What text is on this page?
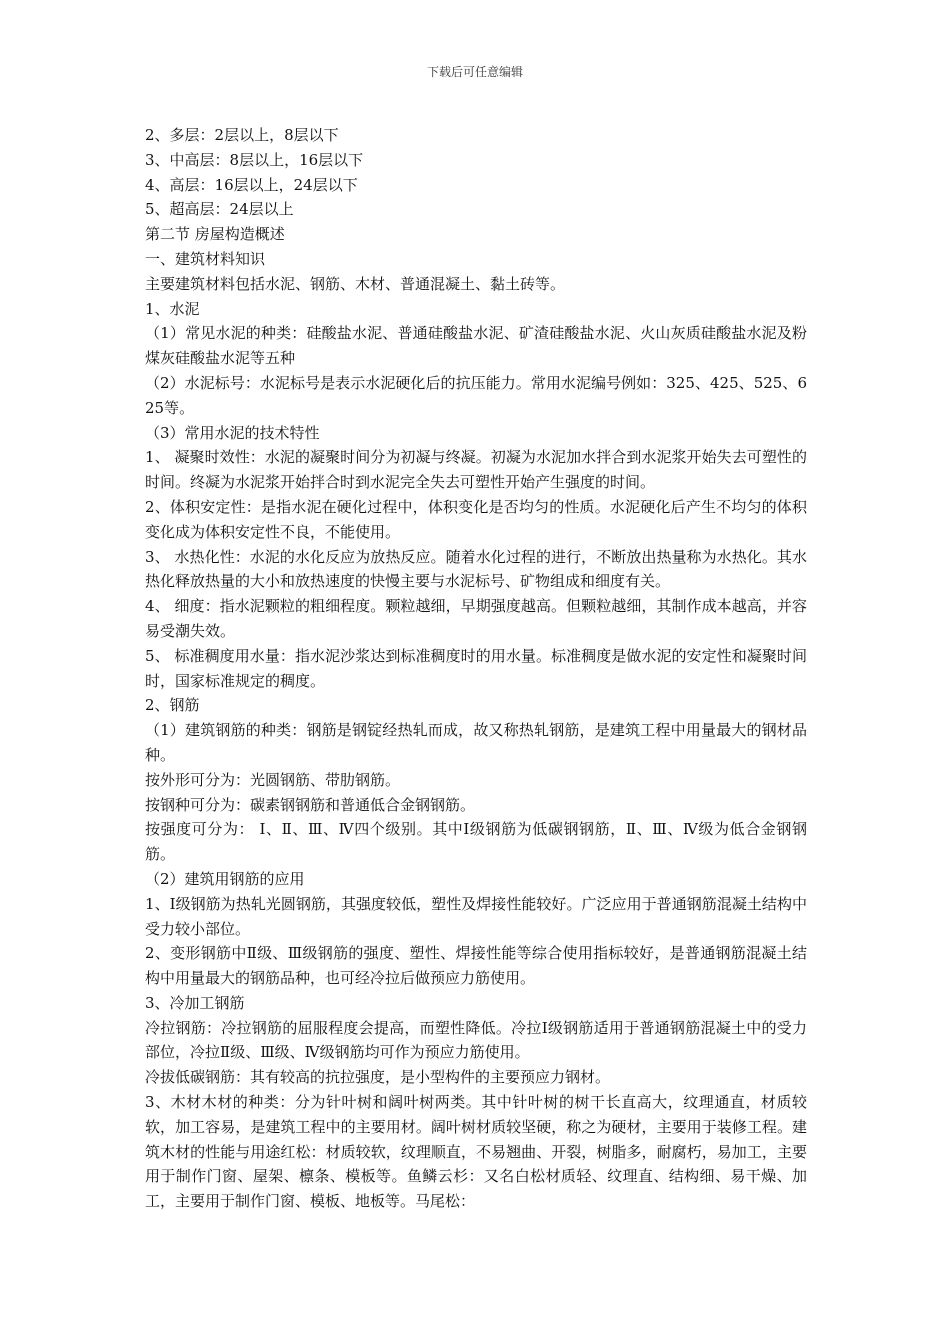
下载后可任意编辑

2、多层：2层以上，8层以下

3、中高层：8层以上，16层以下

4、高层：16层以上，24层以下

5、超高层：24层以上

第二节 房屋构造概述

一、建筑材料知识

主要建筑材料包括水泥、钢筋、木材、普通混凝土、黏土砖等。

1、水泥

（1）常见水泥的种类：硅酸盐水泥、普通硅酸盐水泥、矿渣硅酸盐水泥、火山灰质硅酸盐水泥及粉煤灰硅酸盐水泥等五种

（2）水泥标号：水泥标号是表示水泥硬化后的抗压能力。常用水泥编号例如：325、425、525、625等。

（3）常用水泥的技术特性

1、 凝聚时效性：水泥的凝聚时间分为初凝与终凝。初凝为水泥加水拌合到水泥浆开始失去可塑性的时间。终凝为水泥浆开始拌合时到水泥完全失去可塑性开始产生强度的时间。

2、体积安定性：是指水泥在硬化过程中，体积变化是否均匀的性质。水泥硬化后产生不均匀的体积变化成为体积安定性不良，不能使用。

3、 水热化性：水泥的水化反应为放热反应。随着水化过程的进行，不断放出热量称为水热化。其水热化释放热量的大小和放热速度的快慢主要与水泥标号、矿物组成和细度有关。

4、 细度：指水泥颗粒的粗细程度。颗粒越细，早期强度越高。但颗粒越细，其制作成本越高，并容易受潮失效。

5、 标准稠度用水量：指水泥沙浆达到标准稠度时的用水量。标准稠度是做水泥的安定性和凝聚时间时，国家标准规定的稠度。

2、钢筋

（1）建筑钢筋的种类：钢筋是钢锭经热轧而成，故又称热轧钢筋，是建筑工程中用量最大的钢材品种。

按外形可分为：光圆钢筋、带肋钢筋。

按钢种可分为：碳素钢钢筋和普通低合金钢钢筋。

按强度可分为： Ⅰ、Ⅱ、Ⅲ、Ⅳ四个级别。其中Ⅰ级钢筋为低碳钢钢筋，Ⅱ、Ⅲ、Ⅳ级为低合金钢钢筋。

（2）建筑用钢筋的应用

1、Ⅰ级钢筋为热轧光圆钢筋，其强度较低，塑性及焊接性能较好。广泛应用于普通钢筋混凝土结构中受力较小部位。

2、变形钢筋中Ⅱ级、Ⅲ级钢筋的强度、塑性、焊接性能等综合使用指标较好，是普通钢筋混凝土结构中用量最大的钢筋品种，也可经冷拉后做预应力筋使用。

3、冷加工钢筋

冷拉钢筋：冷拉钢筋的屈服程度会提高，而塑性降低。冷拉Ⅰ级钢筋适用于普通钢筋混凝土中的受力部位，冷拉Ⅱ级、Ⅲ级、Ⅳ级钢筋均可作为预应力筋使用。

冷拔低碳钢筋：其有较高的抗拉强度，是小型构件的主要预应力钢材。

3、木材木材的种类：分为针叶树和阔叶树两类。其中针叶树的树干长直高大，纹理通直，材质较软，加工容易，是建筑工程中的主要用材。阔叶树材质较坚硬，称之为硬材，主要用于装修工程。建筑木材的性能与用途红松：材质较软，纹理顺直，不易翘曲、开裂，树脂多，耐腐朽，易加工，主要用于制作门窗、屋架、檩条、模板等。鱼鳞云杉：又名白松材质轻、纹理直、结构细、易干燥、加工，主要用于制作门窗、模板、地板等。马尾松：
